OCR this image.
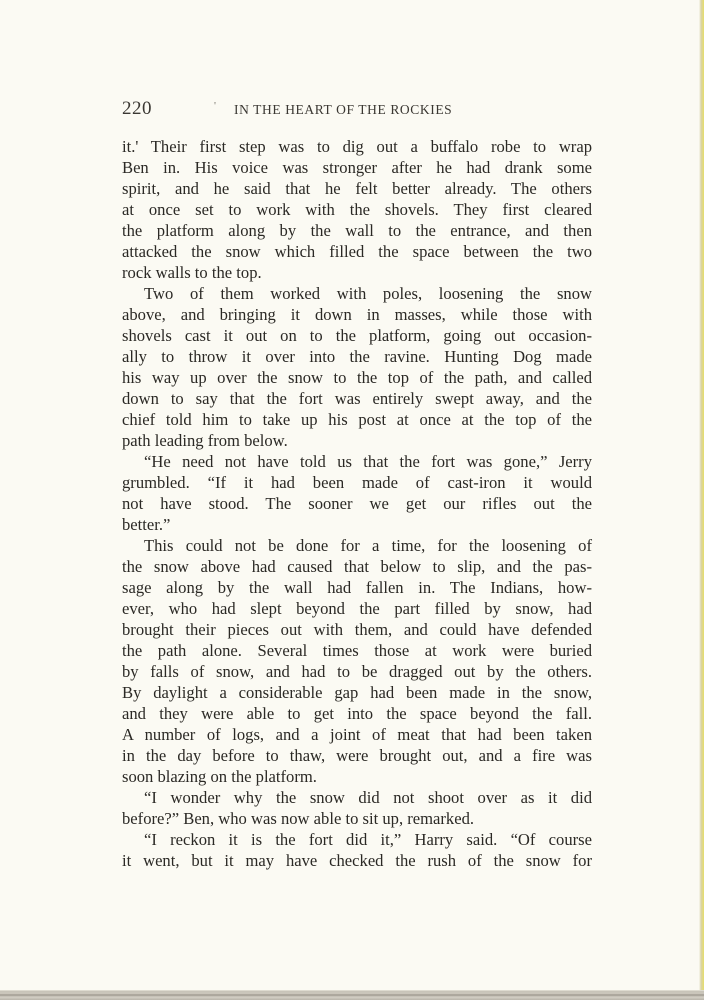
220	' IN THE HEART OF THE ROCKIES
it.' Their first step was to dig out a buffalo robe to wrap
Ben in. His voice was stronger after he had drank some
spirit, and he said that he felt better already. The others
at once set to work with the shovels. They first cleared
the platform along by the wall to the entrance, and then
attacked the snow which filled the space between the two
rock walls to the top.
Two of them worked with poles, loosening the snow
above, and bringing it down in masses, while those with
shovels cast it out on to the platform, going out occasion-
ally to throw it over into the ravine. Hunting Dog made
his way up over the snow to the top of the path, and called
down to say that the fort was entirely swept away, and the
chief told him to take up his post at once at the top of the
path leading from below.
“He need not have told us that the fort was gone,” Jerry
grumbled. “If it had been made of cast-iron it would
not have stood. The sooner we get our rifles out the
better.”
This could not be done for a time, for the loosening of
the snow above had caused that below to slip, and the pas-
sage along by the wall had fallen in. The Indians, how-
ever, who had slept beyond the part filled by snow, had
brought their pieces out with them, and could have defended
the path alone. Several times those at work were buried
by falls of snow, and had to be dragged out by the others.
By daylight a considerable gap had been made in the snow,
and they were able to get into the space beyond the fall.
A number of logs, and a joint of meat that had been taken
in the day before to thaw, were brought out, and a fire was
soon blazing on the platform.
“I wonder why the snow did not shoot over as it did
before?” Ben, who was now able to sit up, remarked.
“I reckon it is the fort did it,” Harry said. “Of course
it went, but it may have checked the rush of the snow for
